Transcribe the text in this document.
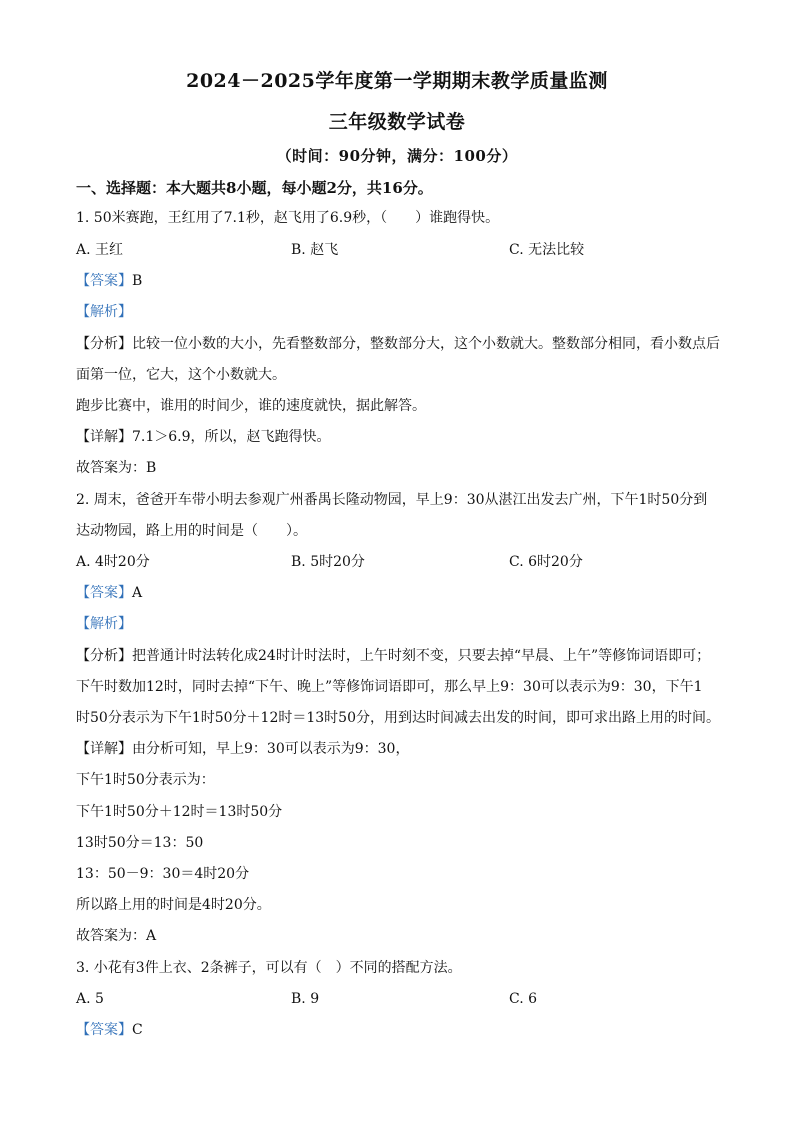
2024－2025学年度第一学期期末教学质量监测
三年级数学试卷
（时间：90分钟，满分：100分）
一、选择题：本大题共8小题，每小题2分，共16分。
1. 50米赛跑，王红用了7.1秒，赵飞用了6.9秒，（　　）谁跑得快。
A. 王红	B. 赵飞	C. 无法比较
【答案】B
【解析】
【分析】比较一位小数的大小，先看整数部分，整数部分大，这个小数就大。整数部分相同，看小数点后
面第一位，它大，这个小数就大。
跑步比赛中，谁用的时间少，谁的速度就快，据此解答。
【详解】7.1＞6.9，所以，赵飞跑得快。
故答案为：B
2. 周末，爸爸开车带小明去参观广州番禺长隆动物园，早上9：30从湛江出发去广州，下午1时50分到
达动物园，路上用的时间是（　　）。
A. 4时20分	B. 5时20分	C. 6时20分
【答案】A
【解析】
【分析】把普通计时法转化成24时计时法时，上午时刻不变，只要去掉“早晨、上午”等修饰词语即可；
下午时数加12时，同时去掉“下午、晚上”等修饰词语即可，那么早上9：30可以表示为9：30，下午1
时50分表示为下午1时50分＋12时＝13时50分，用到达时间减去出发的时间，即可求出路上用的时间。
【详解】由分析可知，早上9：30可以表示为9：30，
下午1时50分表示为：
下午1时50分＋12时＝13时50分
13时50分＝13：50
13：50－9：30＝4时20分
所以路上用的时间是4时20分。
故答案为：A
3. 小花有3件上衣、2条裤子，可以有（　）不同的搭配方法。
A. 5	B. 9	C. 6
【答案】C
